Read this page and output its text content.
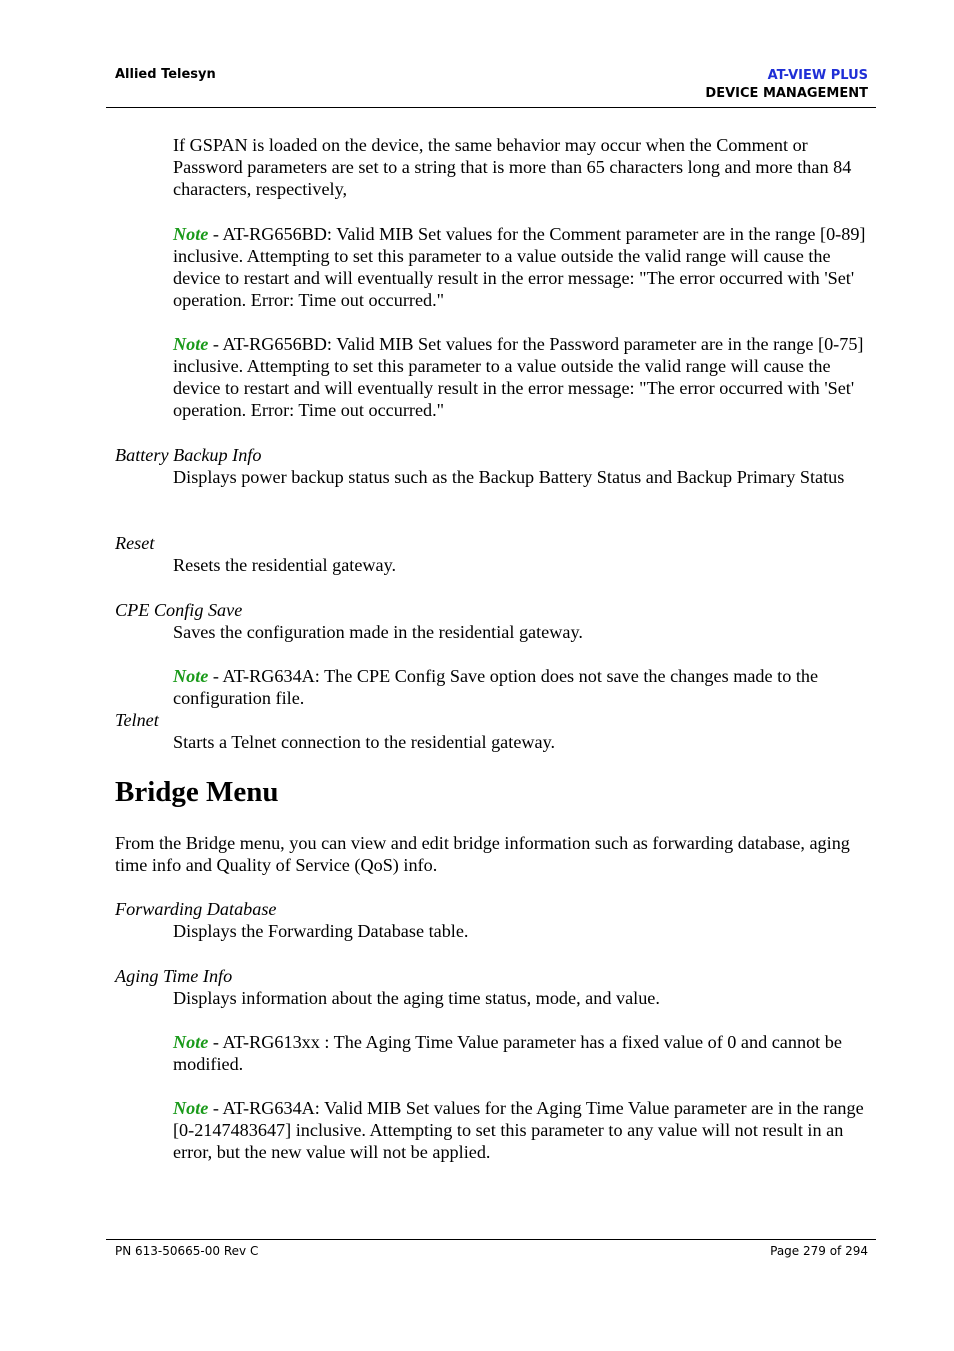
Allied Telesyn	AT-VIEW PLUS
DEVICE MANAGEMENT

If GSPAN is loaded on the device, the same behavior may occur when the Comment or Password parameters are set to a string that is more than 65 characters long and more than 84 characters, respectively,

Note - AT-RG656BD: Valid MIB Set values for the Comment parameter are in the range [0-89] inclusive. Attempting to set this parameter to a value outside the valid range will cause the device to restart and will eventually result in the error message: "The error occurred with 'Set' operation. Error: Time out occurred."

Note - AT-RG656BD: Valid MIB Set values for the Password parameter are in the range [0-75] inclusive. Attempting to set this parameter to a value outside the valid range will cause the device to restart and will eventually result in the error message: "The error occurred with 'Set' operation. Error: Time out occurred."

Battery Backup Info

Displays power backup status such as the Backup Battery Status and Backup Primary Status

Reset

Resets the residential gateway.

CPE Config Save

Saves the configuration made in the residential gateway.

Note - AT-RG634A: The CPE Config Save option does not save the changes made to the configuration file.

Telnet

Starts a Telnet connection to the residential gateway.

Bridge Menu

From the Bridge menu, you can view and edit bridge information such as forwarding database, aging time info and Quality of Service (QoS) info.

Forwarding Database

Displays the Forwarding Database table.

Aging Time Info

Displays information about the aging time status, mode, and value.

Note - AT-RG613xx : The Aging Time Value parameter has a fixed value of 0 and cannot be modified.

Note - AT-RG634A: Valid MIB Set values for the Aging Time Value parameter are in the range [0-2147483647] inclusive. Attempting to set this parameter to any value will not result in an error, but the new value will not be applied.

PN 613-50665-00 Rev C	Page 279 of 294
